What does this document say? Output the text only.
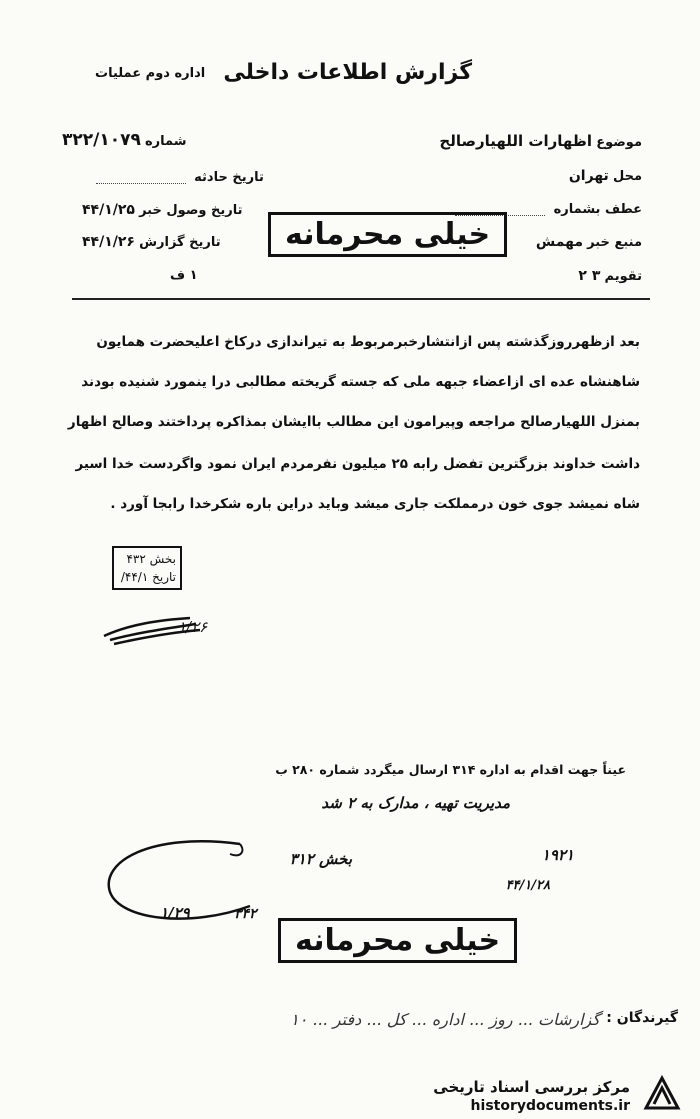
گزارش اطلاعات داخلی
اداره دوم عملیات
شماره ۳۲۲/۱۰۷۹
تاریخ حادثه
تاریخ وصول خبر ۴۴/۱/۲۵
تاریخ گزارش ۴۴/۱/۲۶
۱ ف
موضوع اظهارات اللهیارصالح
محل تهران
عطف بشماره
منبع خبر مهمش
تقویم ۳ ۲
خیلی محرمانه
بعد ازظهرروزگذشته پس ازانتشارخبرمربوط به تیراندازی درکاخ اعلیحضرت همایون
شاهنشاه عده ای ازاعضاء جبهه ملی که جسته گریخته مطالبی درا ینمورد شنیده بودند
بمنزل اللهیارصالح مراجعه وپیرامون این مطالب باایشان بمذاکره پرداختند وصالح اظهار
داشت خداوند بزرگترین تفضل رابه ۲۵ میلیون نفرمردم ایران نمود واگردست خدا اسیر
شاه نمیشد جوی خون درمملکت جاری میشد وباید دراین باره شکرخدا رابجا آورد .
بخش ۴۳۲
تاریخ ۴۴/۱/
۱/۲۶
عیناً جهت اقدام به اداره ۳۱۴ ارسال میگردد شماره ۲۸۰ ب
مدیریت تهیه ، مدارک به ۲ شد
بخش ۳۱۲	۱۹۲۱
۴۴/۱/۲۸
۳۴۲
۱/۲۹
خیلی محرمانه
گیرندگان :
گزارشات ... روز ... اداره ... کل ... دفتر ... ۱۰
مرکز بررسی اسناد تاریخی
historydocuments.ir
